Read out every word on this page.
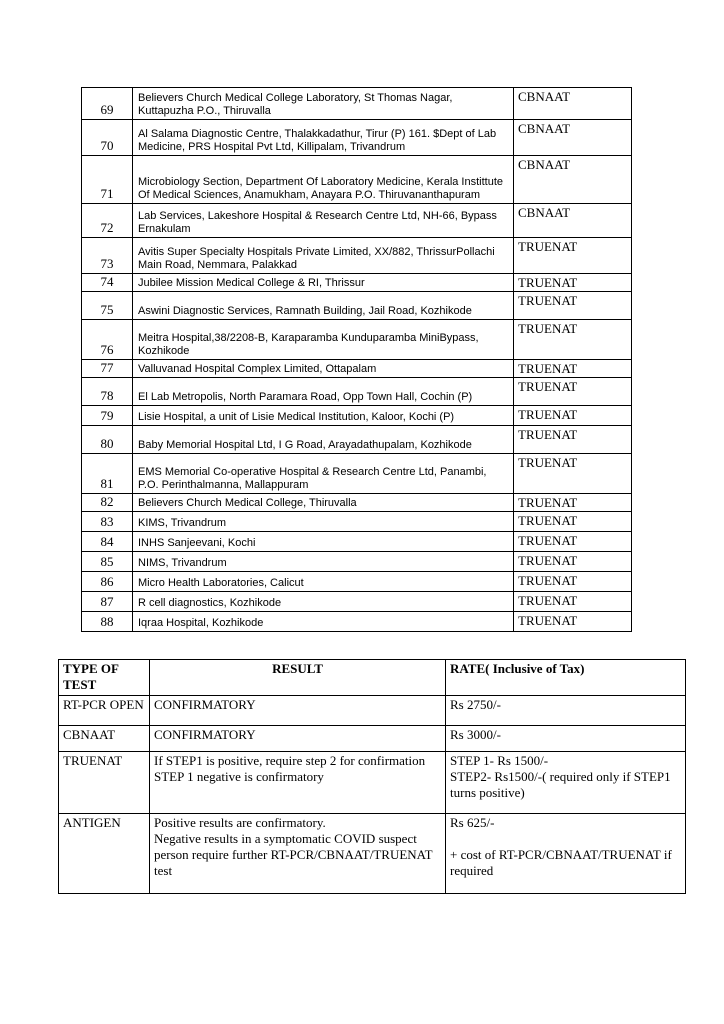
69	Believers Church Medical College Laboratory, St Thomas Nagar, Kuttapuzha P.O., Thiruvalla	CBNAAT
70	Al Salama Diagnostic Centre, Thalakkadathur, Tirur (P) 161. $Dept of Lab Medicine, PRS Hospital Pvt Ltd, Killipalam, Trivandrum	CBNAAT
71	Microbiology Section, Department Of Laboratory Medicine, Kerala Instittute Of Medical Sciences, Anamukham, Anayara P.O. Thiruvananthapuram	CBNAAT
72	Lab Services, Lakeshore Hospital & Research Centre Ltd, NH-66, Bypass Ernakulam	CBNAAT
73	Avitis Super Specialty Hospitals Private Limited, XX/882, ThrissurPollachi Main Road, Nemmara, Palakkad	TRUENAT
74	Jubilee Mission Medical College & RI, Thrissur	TRUENAT
75	Aswini Diagnostic Services, Ramnath Building, Jail Road, Kozhikode	TRUENAT
76	Meitra Hospital,38/2208-B, Karaparamba Kunduparamba MiniBypass, Kozhikode	TRUENAT
77	Valluvanad Hospital Complex Limited, Ottapalam	TRUENAT
78	El Lab Metropolis, North Paramara Road, Opp Town Hall, Cochin (P)	TRUENAT
79	Lisie Hospital, a unit of Lisie Medical Institution, Kaloor, Kochi (P)	TRUENAT
80	Baby Memorial Hospital Ltd, I G Road, Arayadathupalam, Kozhikode	TRUENAT
81	EMS Memorial Co-operative Hospital & Research Centre Ltd, Panambi, P.O. Perinthalmanna, Mallappuram	TRUENAT
82	Believers Church Medical College, Thiruvalla	TRUENAT
83	KIMS, Trivandrum	TRUENAT
84	INHS Sanjeevani, Kochi	TRUENAT
85	NIMS, Trivandrum	TRUENAT
86	Micro Health Laboratories, Calicut	TRUENAT
87	R cell diagnostics, Kozhikode	TRUENAT
88	Iqraa Hospital, Kozhikode	TRUENAT
TYPE OF TEST	RESULT	RATE( Inclusive of Tax)
RT-PCR OPEN	CONFIRMATORY	Rs 2750/-

CBNAAT	CONFIRMATORY	Rs 3000/-

TRUENAT	If STEP1 is positive, require step 2 for confirmation
STEP 1 negative is confirmatory	STEP 1- Rs 1500/-
STEP2- Rs1500/-( required only if STEP1 turns positive)

ANTIGEN	Positive results are confirmatory.
Negative results in a symptomatic COVID suspect person require further RT-PCR/CBNAAT/TRUENAT test	Rs 625/-
+ cost of RT-PCR/CBNAAT/TRUENAT if required
